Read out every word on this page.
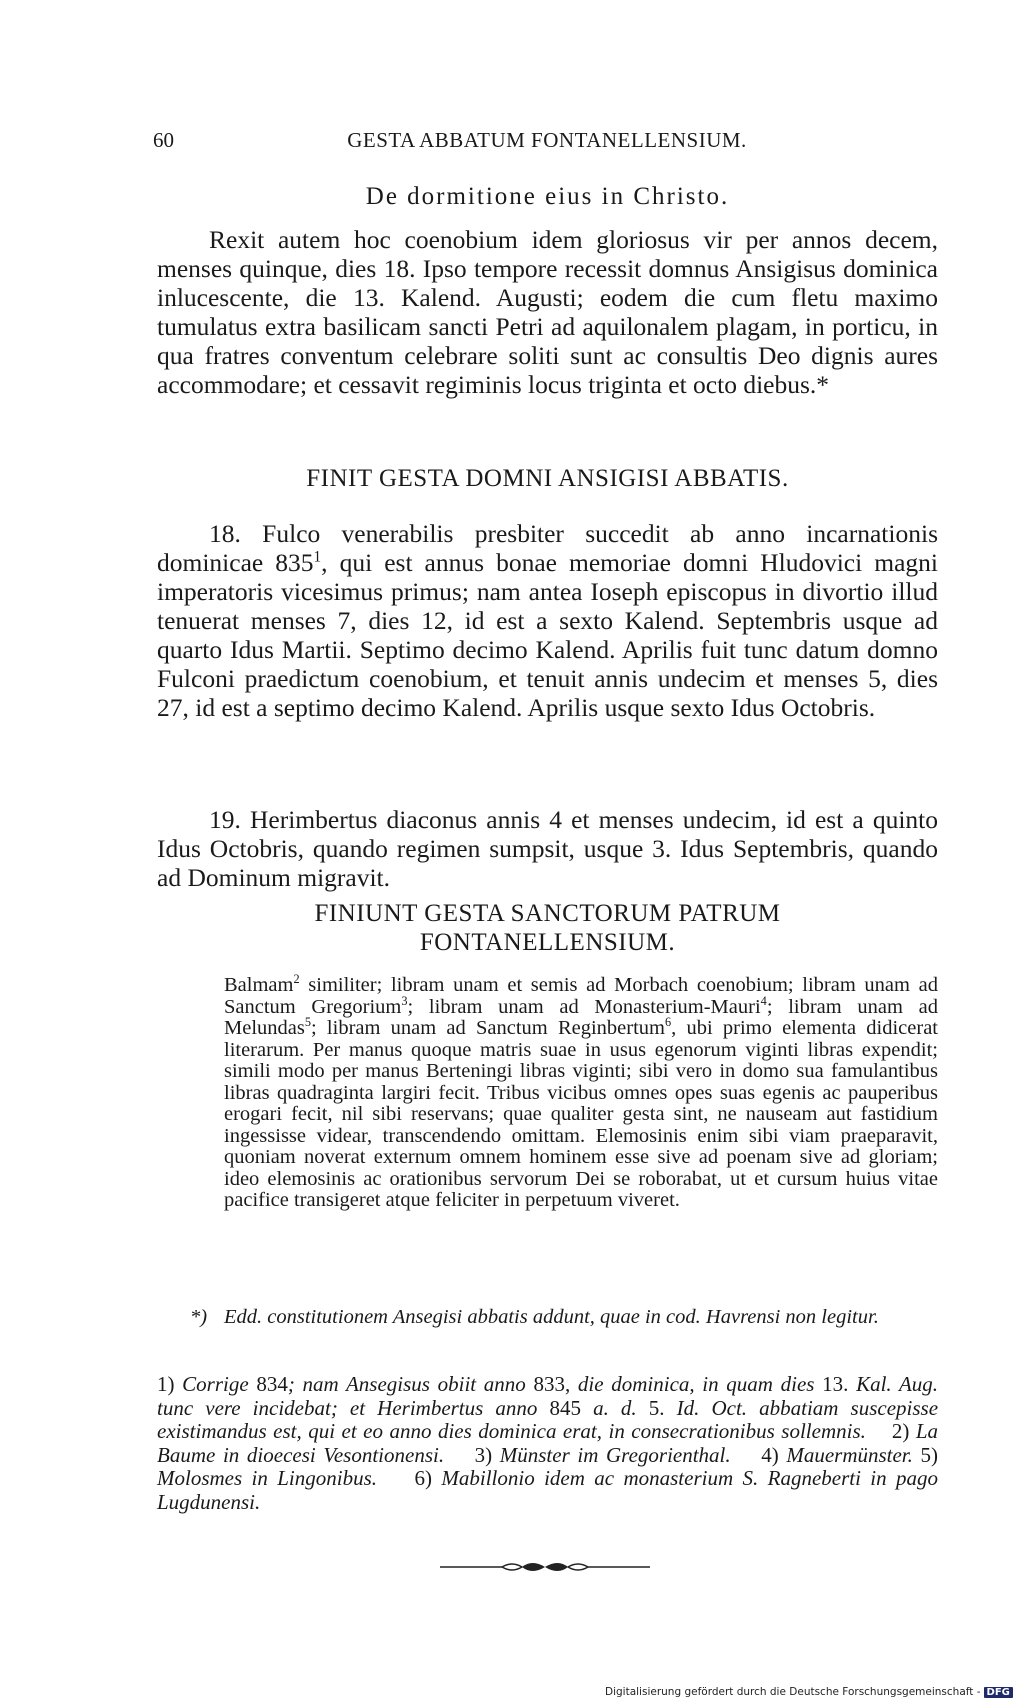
60	GESTA ABBATUM FONTANELLENSIUM.
De dormitione eius in Christo.
Rexit autem hoc coenobium idem gloriosus vir per annos decem, menses quinque, dies 18. Ipso tempore recessit domnus Ansigisus dominica inlucescente, die 13. Kalend. Augusti; eodem die cum fletu maximo tumulatus extra basilicam sancti Petri ad aquilonalem plagam, in porticu, in qua fratres conventum celebrare soliti sunt ac consultis Deo dignis aures accommodare; et cessavit regiminis locus triginta et octo diebus.*
FINIT GESTA DOMNI ANSIGISI ABBATIS.
18. Fulco venerabilis presbiter succedit ab anno incarnationis dominicae $835^1$, qui est annus bonae memoriae domni Hludovici magni imperatoris vicesimus primus; nam antea Ioseph episcopus in divortio illud tenuerat menses 7, dies 12, id est a sexto Kalend. Septembris usque ad quarto Idus Martii. Septimo decimo Kalend. Aprilis fuit tunc datum domno Fulconi praedictum coenobium, et tenuit annis undecim et menses 5, dies 27, id est a septimo decimo Kalend. Aprilis usque sexto Idus Octobris.
19. Herimbertus diaconus annis 4 et menses undecim, id est a quinto Idus Octobris, quando regimen sumpsit, usque 3. Idus Septembris, quando ad Dominum migravit.
FINIUNT GESTA SANCTORUM PATRUM
FONTANELLENSIUM.
Balmam$^2$ similiter; libram unam et semis ad Morbach coenobium; libram unam ad Sanctum Gregorium$^3$; libram unam ad Monasterium-Mauri$^4$; libram unam ad Melundas$^5$; libram unam ad Sanctum Reginbertum$^6$, ubi primo elementa didicerat literarum. Per manus quoque matris suae in usus egenorum viginti libras expendit; simili modo per manus Berteningi libras viginti; sibi vero in domo sua famulantibus libras quadraginta largiri fecit. Tribus vicibus omnes opes suas egenis ac pauperibus erogari fecit, nil sibi reservans; quae qualiter gesta sint, ne nauseam aut fastidium ingessisse videar, transcendendo omittam. Elemosinis enim sibi viam praeparavit, quoniam noverat externum omnem hominem esse sive ad poenam sive ad gloriam; ideo elemosinis ac orationibus servorum Dei se roborabat, ut et cursum huius vitae pacifice transigeret atque feliciter in perpetuum viveret.
*) Edd. constitutionem Ansegisi abbatis addunt, quae in cod. Havrensi non legitur.

1) Corrige 834; nam Ansegisus obiit anno 833, die dominica, in quam dies 13. Kal. Aug. tunc vere incidebat; et Herimbertus anno 845 a. d. 5. Id. Oct. abbatiam suscepisse existimandus est, qui et eo anno dies dominica erat, in consecrationibus sollemnis. 2) La Baume in dioecesi Vesontionensi. 3) Münster im Gregorienthal. 4) Mauermünster. 5) Molosmes in Lingonibus. 6) Mabillonio idem ac monasterium S. Ragneberti in pago Lugdunensi.

Digitalisierung gefördert durch die Deutsche Forschungsgemeinschaft - DFG
